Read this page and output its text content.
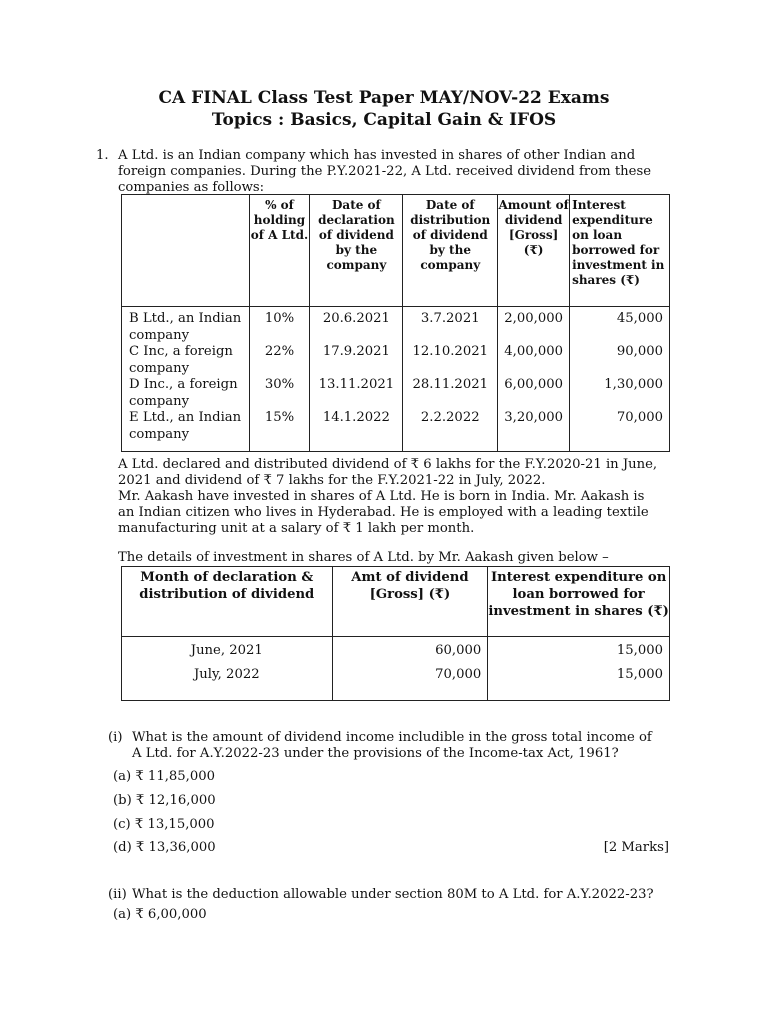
CA FINAL Class Test Paper MAY/NOV-22 Exams
Topics : Basics, Capital Gain & IFOS
1. A Ltd. is an Indian company which has invested in shares of other Indian and
foreign companies. During the P.Y.2021-22, A Ltd. received dividend from these
companies as follows:
	% of holding of A Ltd.	Date of declaration of dividend by the company	Date of distribution of dividend by the company	Amount of dividend [Gross] (₹)	Interest expenditure on loan borrowed for investment in shares (₹)
B Ltd., an Indian company	10%	20.6.2021	3.7.2021	2,00,000	45,000
C Inc, a foreign company	22%	17.9.2021	12.10.2021	4,00,000	90,000
D Inc., a foreign company	30%	13.11.2021	28.11.2021	6,00,000	1,30,000
E Ltd., an Indian company	15%	14.1.2022	2.2.2022	3,20,000	70,000
A Ltd. declared and distributed dividend of ₹ 6 lakhs for the F.Y.2020-21 in June,
2021 and dividend of ₹ 7 lakhs for the F.Y.2021-22 in July, 2022.
Mr. Aakash have invested in shares of A Ltd. He is born in India. Mr. Aakash is
an Indian citizen who lives in Hyderabad. He is employed with a leading textile
manufacturing unit at a salary of ₹ 1 lakh per month.
The details of investment in shares of A Ltd. by Mr. Aakash given below –
Month of declaration & distribution of dividend	Amt of dividend [Gross] (₹)	Interest expenditure on loan borrowed for investment in shares (₹)
June, 2021	60,000	15,000
July, 2022	70,000	15,000
(i) What is the amount of dividend income includible in the gross total income of
A Ltd. for A.Y.2022-23 under the provisions of the Income-tax Act, 1961?
(a) ₹ 11,85,000
(b) ₹ 12,16,000
(c) ₹ 13,15,000
(d) ₹ 13,36,000	[2 Marks]
(ii) What is the deduction allowable under section 80M to A Ltd. for A.Y.2022-23?
(a) ₹ 6,00,000
